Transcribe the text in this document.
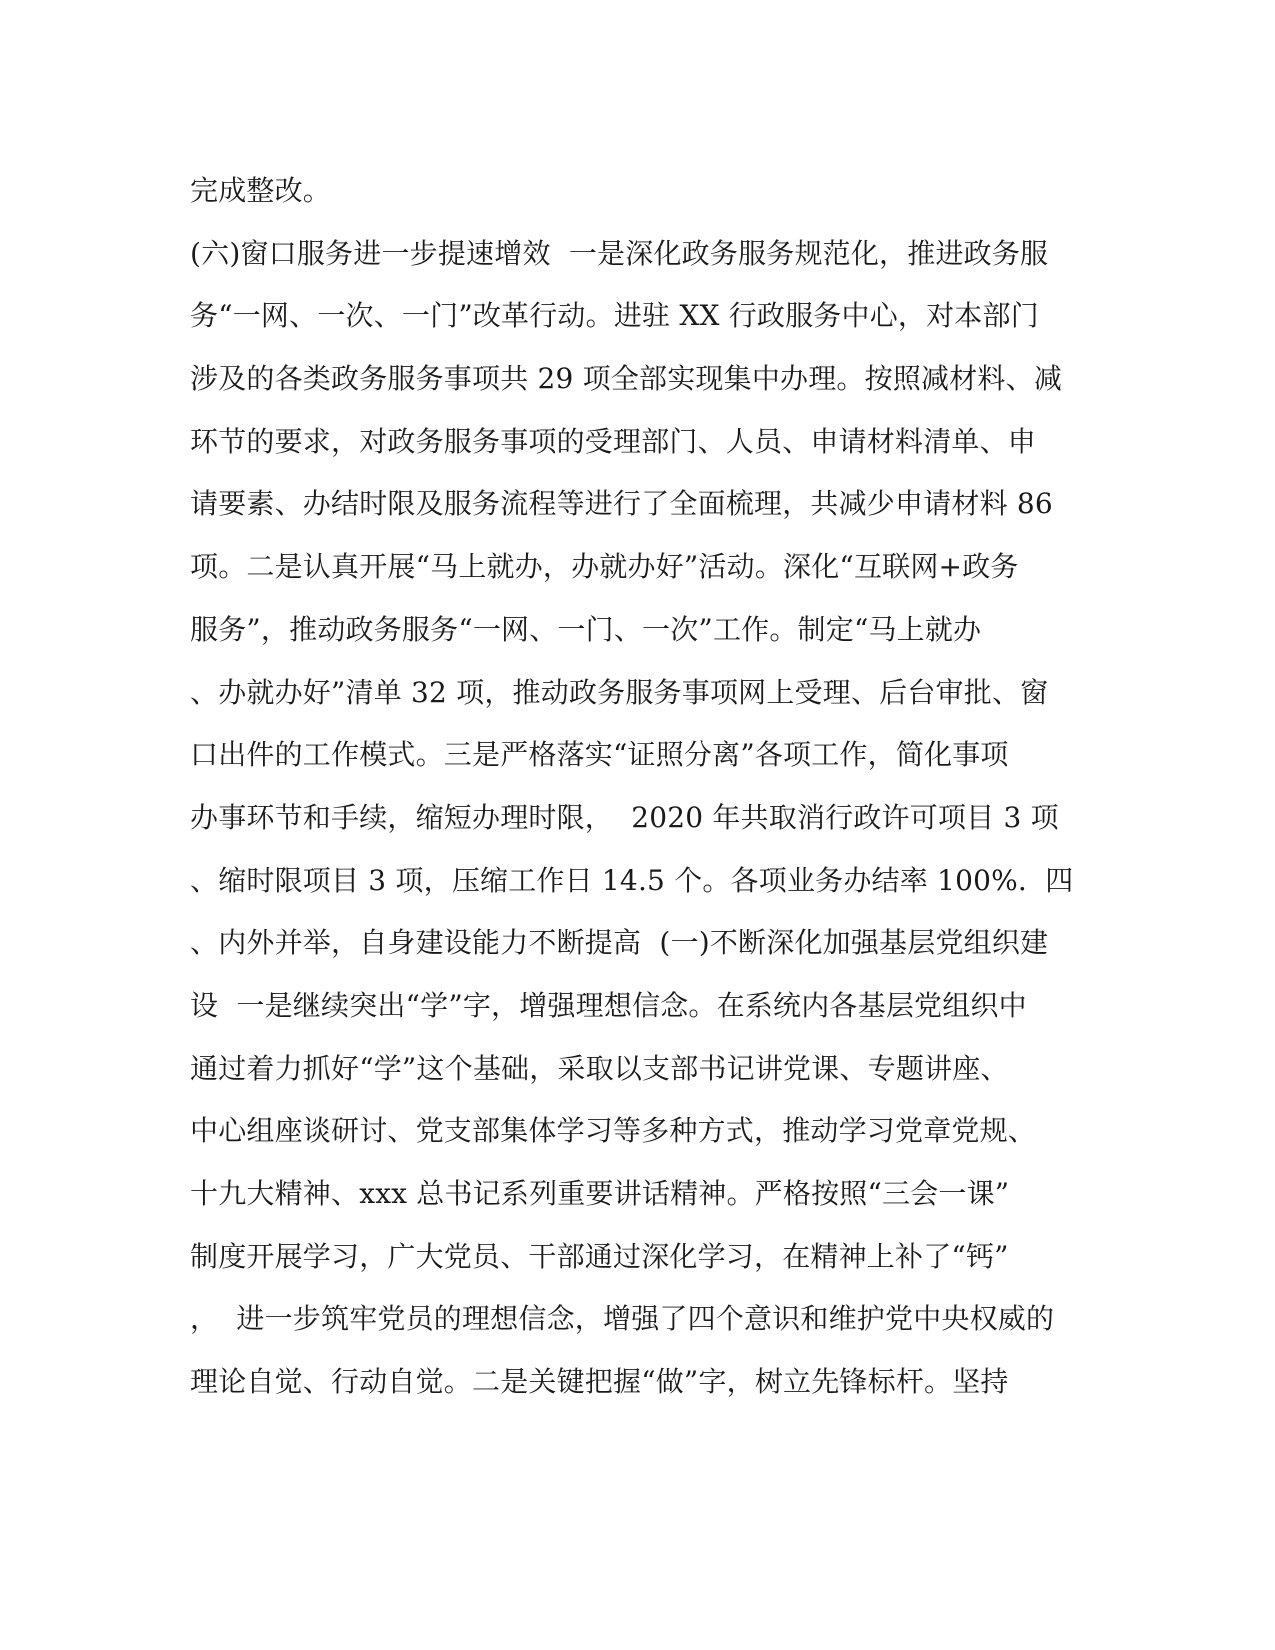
完成整改。
(六)窗口服务进一步提速增效  一是深化政务服务规范化，推进政务服
务“一网、一次、一门”改革行动。进驻 XX 行政服务中心，对本部门
涉及的各类政务服务事项共 29 项全部实现集中办理。按照减材料、减
环节的要求，对政务服务事项的受理部门、人员、申请材料清单、申
请要素、办结时限及服务流程等进行了全面梳理，共减少申请材料 86
项。二是认真开展“马上就办，办就办好”活动。深化“互联网+政务
服务”，推动政务服务“一网、一门、一次”工作。制定“马上就办
、办就办好”清单 32 项，推动政务服务事项网上受理、后台审批、窗
口出件的工作模式。三是严格落实“证照分离”各项工作，简化事项
办事环节和手续，缩短办理时限，  2020 年共取消行政许可项目 3 项
、缩时限项目 3 项，压缩工作日 14.5 个。各项业务办结率 100%.  四
、内外并举，自身建设能力不断提高  (一)不断深化加强基层党组织建
设  一是继续突出“学”字，增强理想信念。在系统内各基层党组织中
通过着力抓好“学”这个基础，采取以支部书记讲党课、专题讲座、
中心组座谈研讨、党支部集体学习等多种方式，推动学习党章党规、
十九大精神、xxx 总书记系列重要讲话精神。严格按照“三会一课”
制度开展学习，广大党员、干部通过深化学习，在精神上补了“钙”
，  进一步筑牢党员的理想信念，增强了四个意识和维护党中央权威的
理论自觉、行动自觉。二是关键把握“做”字，树立先锋标杆。坚持
